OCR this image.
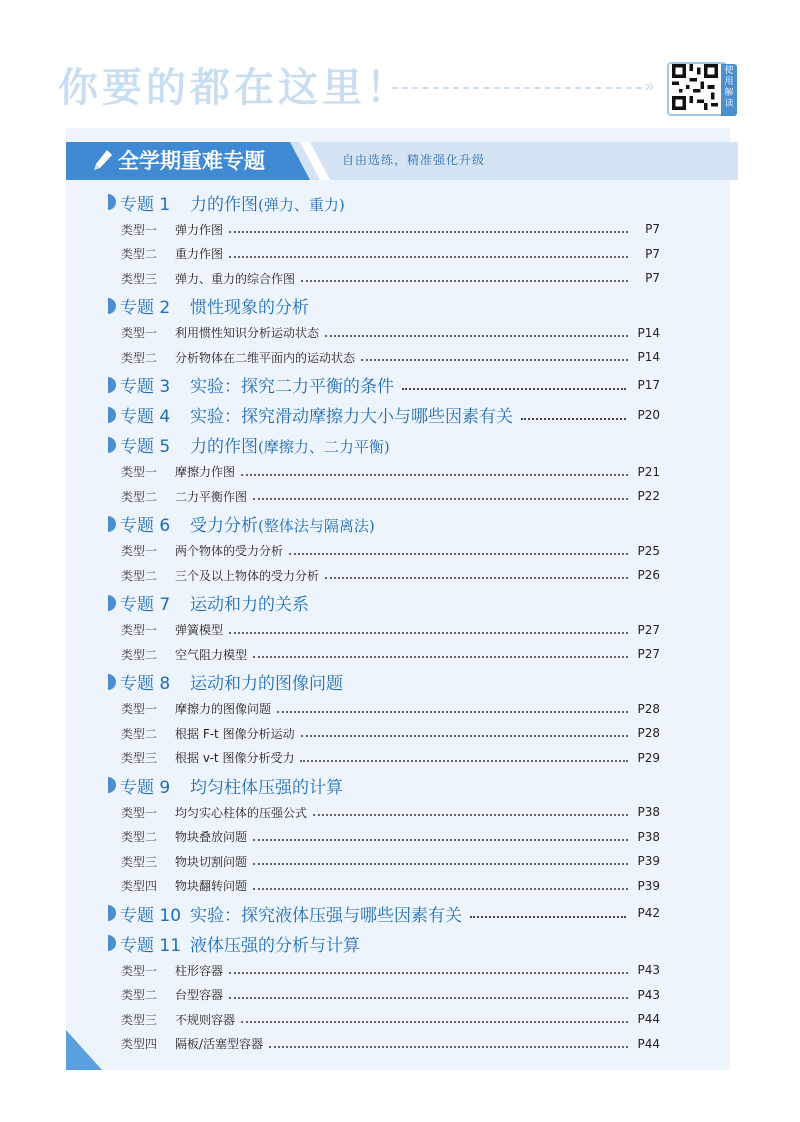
你要的都在这里！	»
使用解读
全学期重难专题	自由选练，精准强化升级
专题 1	力的作图(弹力、重力)
类型一	弹力作图	P7
类型二	重力作图	P7
类型三	弹力、重力的综合作图	P7
专题 2	惯性现象的分析
类型一	利用惯性知识分析运动状态	P14
类型二	分析物体在二维平面内的运动状态	P14
专题 3	实验：探究二力平衡的条件	P17
专题 4	实验：探究滑动摩擦力大小与哪些因素有关	P20
专题 5	力的作图(摩擦力、二力平衡)
类型一	摩擦力作图	P21
类型二	二力平衡作图	P22
专题 6	受力分析(整体法与隔离法)
类型一	两个物体的受力分析	P25
类型二	三个及以上物体的受力分析	P26
专题 7	运动和力的关系
类型一	弹簧模型	P27
类型二	空气阻力模型	P27
专题 8	运动和力的图像问题
类型一	摩擦力的图像问题	P28
类型二	根据 F-t 图像分析运动	P28
类型三	根据 v-t 图像分析受力	P29
专题 9	均匀柱体压强的计算
类型一	均匀实心柱体的压强公式	P38
类型二	物块叠放问题	P38
类型三	物块切割问题	P39
类型四	物块翻转问题	P39
专题 10 实验：探究液体压强与哪些因素有关	P42
专题 11 液体压强的分析与计算
类型一	柱形容器	P43
类型二	台型容器	P43
类型三	不规则容器	P44
类型四	隔板/活塞型容器	P44
